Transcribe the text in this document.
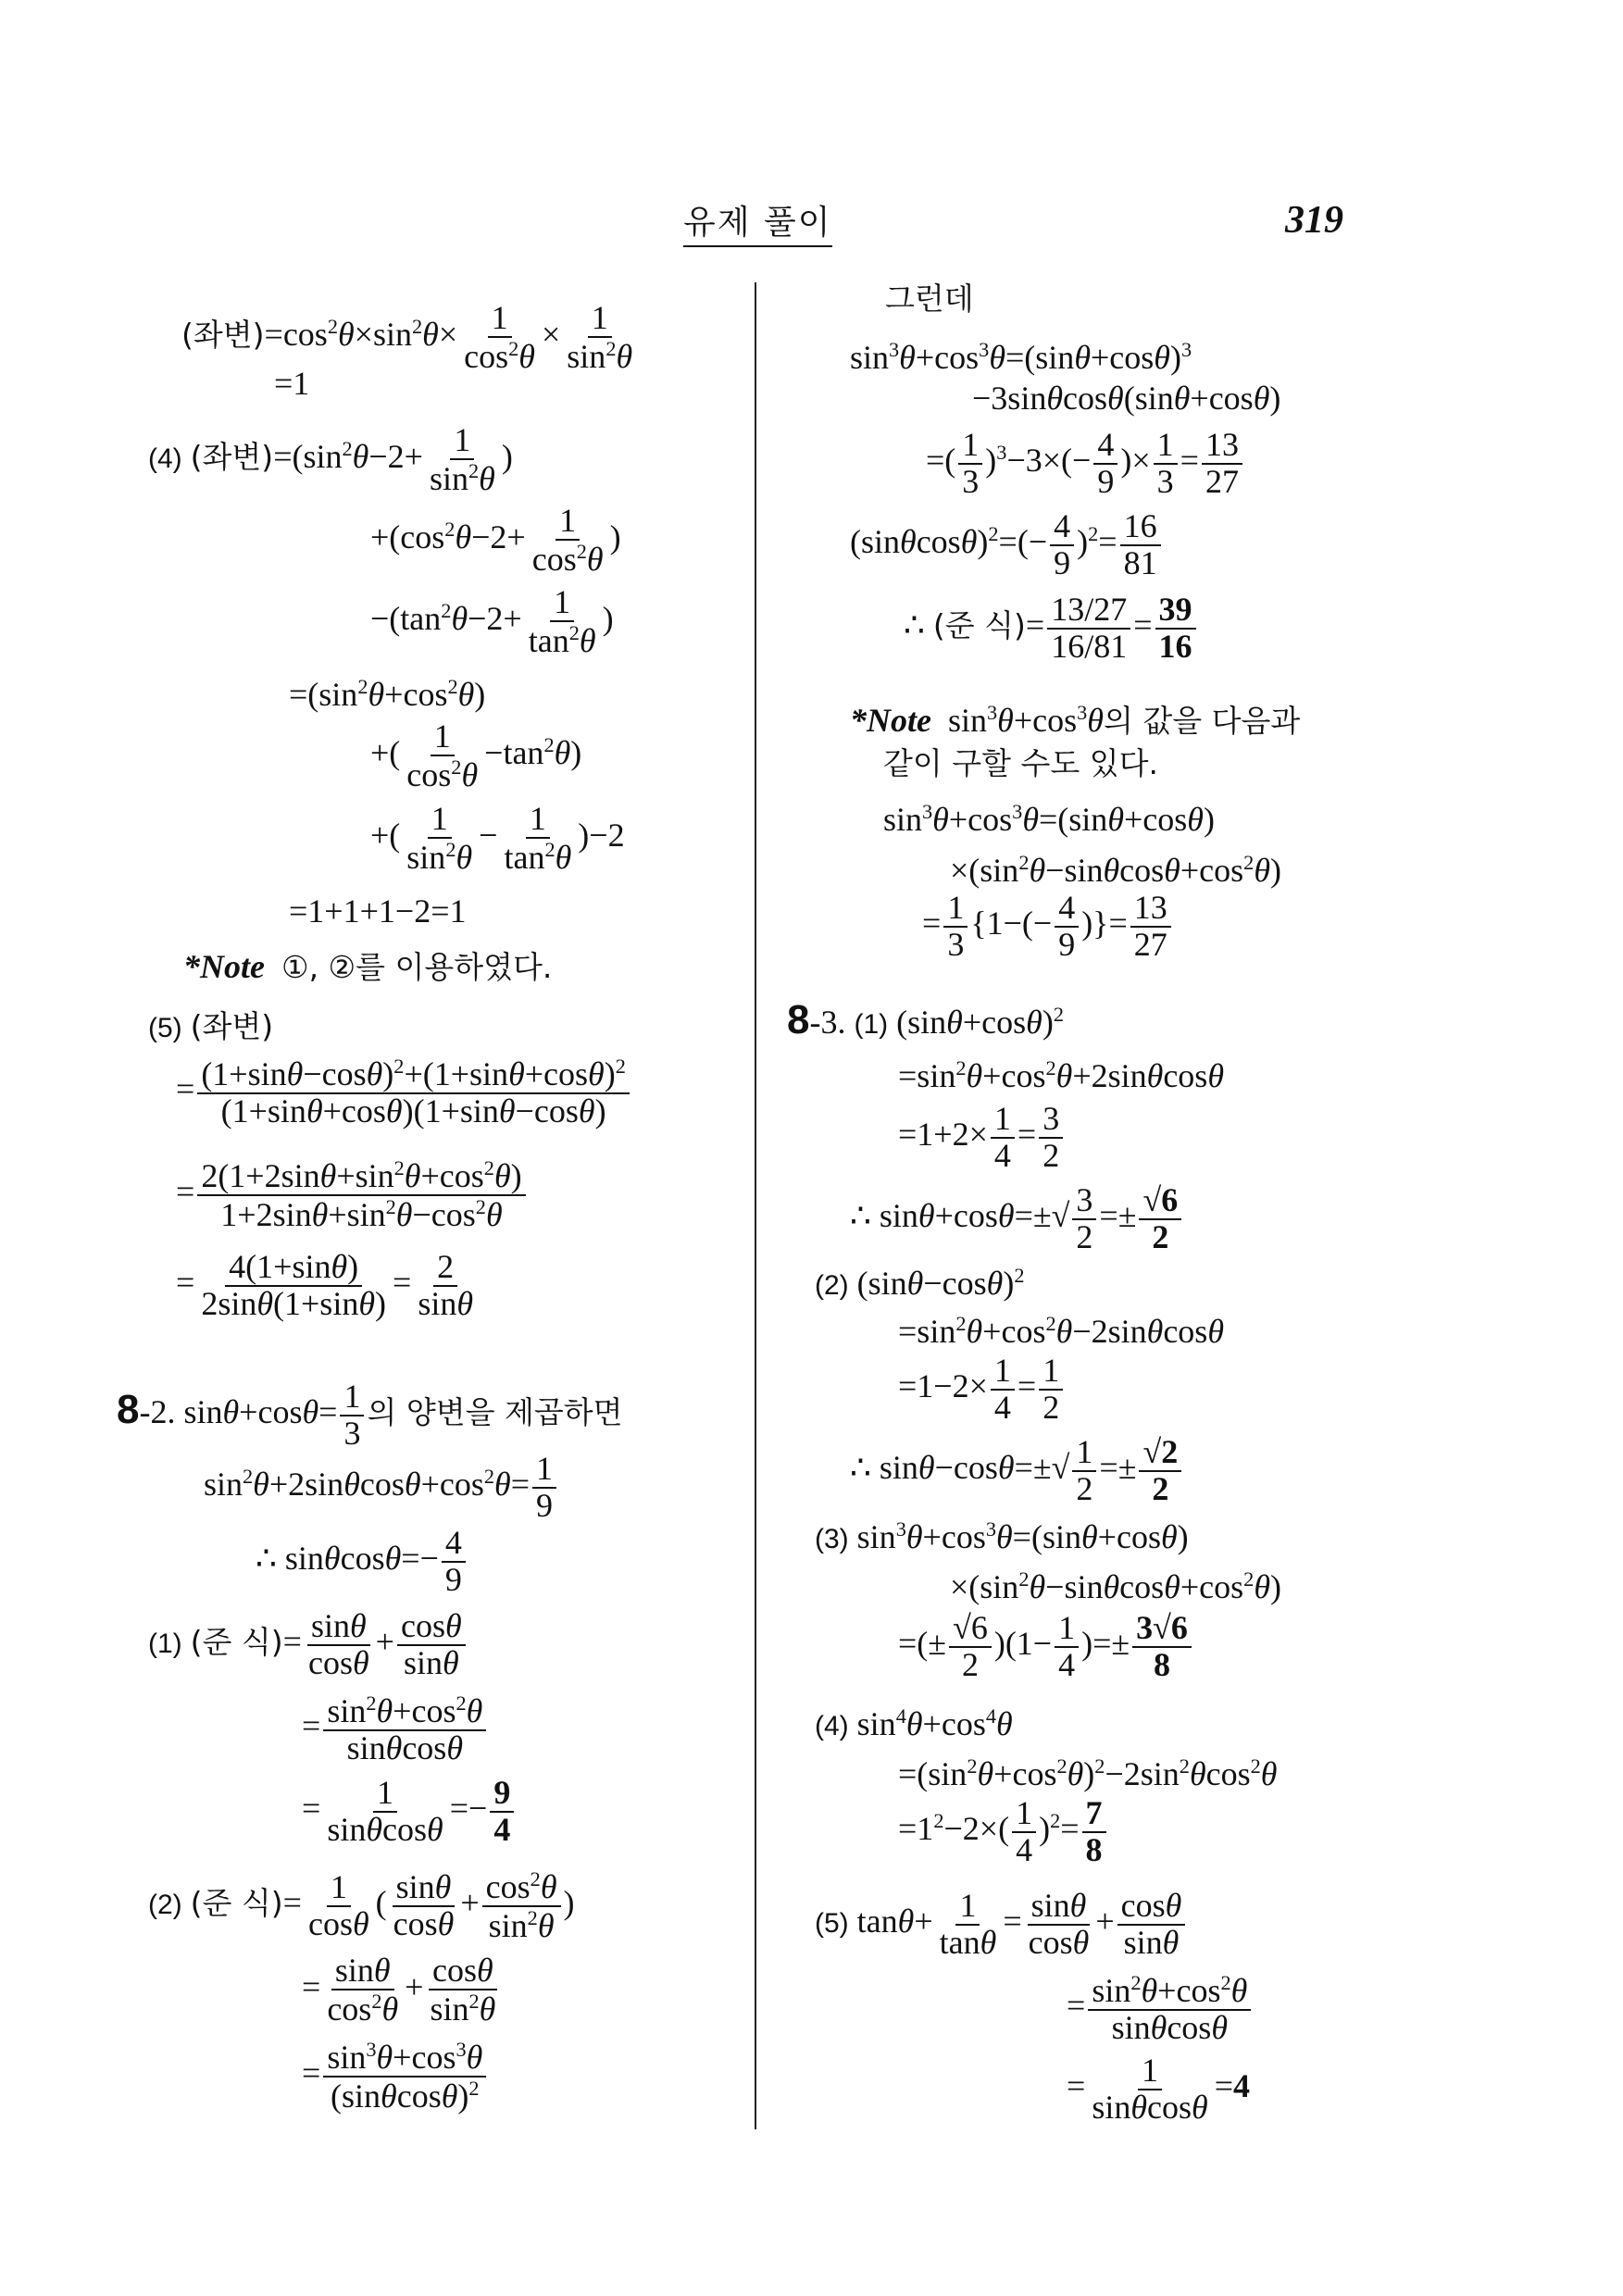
유제 풀이	319
(좌변)$=\cos^2\theta\times\sin^2\theta\times \frac{1}{\cos^2\theta} \times \frac{1}{\sin^2\theta}$
=1
(4) (좌변)$=(\sin^2\theta-2+ \frac{1}{\sin^2\theta}$ )
$+(\cos^2\theta-2+ \frac{1}{\cos^2\theta}$ )
$-(\tan^2\theta-2+ \frac{1}{\tan^2\theta}$ )
$=(\sin^2\theta+\cos^2\theta)$
+( $\frac{1}{\cos^2\theta} -\tan^2\theta$)
+( $\frac{1}{\sin^2\theta} - \frac{1}{\tan^2\theta} )-2$
=1+1+1−2=1
*Note ①, ②를 이용하였다.
(5) (좌변)
= $\frac{(1+\sin\theta-\cos\theta)^2+(1+\sin\theta+\cos\theta)^2}{(1+\sin\theta+\cos\theta)(1+\sin\theta-\cos\theta)}$
= $\frac{2(1+2\sin\theta+\sin^2\theta+\cos^2\theta)}{1+2\sin\theta+\sin^2\theta-\cos^2\theta}$
= $\frac{4(1+\sin\theta)}{2\sin\theta(1+\sin\theta)} = \frac{2}{\sin\theta}$
8-2. $\sin\theta+\cos\theta= \frac{1}{3}$ 의 양변을 제곱하면
$\sin^2\theta+2\sin\theta\cos\theta+\cos^2\theta= \frac{1}{9}$
∴ $\sin\theta\cos\theta=- \frac{4}{9}$
(1) (준 식)= $\frac{\sin\theta}{\cos\theta} + \frac{\cos\theta}{\sin\theta}$
= $\frac{\sin^2\theta+\cos^2\theta}{\sin\theta\cos\theta}$
= $\frac{1}{\sin\theta\cos\theta} =- \frac{9}{4}$
(2) (준 식)= $\frac{1}{\cos\theta}$ ( $\frac{\sin\theta}{\cos\theta} + \frac{\cos^2\theta}{\sin^2\theta}$ )
= $\frac{\sin\theta}{\cos^2\theta} + \frac{\cos\theta}{\sin^2\theta}$
= $\frac{\sin^3\theta+\cos^3\theta}{(\sin\theta\cos\theta)^2}$
그런데
$\sin^3\theta+\cos^3\theta=(\sin\theta+\cos\theta)^3$
−3sinθcosθ(sinθ+cosθ)
=( $\frac{1}{3} )^3-3\times(- \frac{4}{9}$ )× $\frac{1}{3} = \frac{13}{27}$
$(\sin\theta\cos\theta)^2=(- \frac{4}{9} )^2= \frac{16}{81}$
∴ (준 식)= $\frac{13/27}{16/81} = \frac{39}{16}$
*Note  $\sin^3\theta+\cos^3\theta$의 값을 다음과
같이 구할 수도 있다.
$\sin^3\theta+\cos^3\theta=(\sin\theta+\cos\theta)$
$\times(\sin^2\theta-\sin\theta\cos\theta+\cos^2\theta)$
= $\frac{1}{3} \{1-(- \frac{4}{9}$ )}= $\frac{13}{27}$
8-3. (1) $(\sin\theta+\cos\theta)^2$
$=\sin^2\theta+\cos^2\theta+2\sin\theta\cos\theta$
$=1+2\times \frac{1}{4} = \frac{3}{2}$
∴ $\sin\theta+\cos\theta=\pm√ \frac{3}{2} =\pm \frac{√6}{2}$
(2) $(\sin\theta-\cos\theta)^2$
$=\sin^2\theta+\cos^2\theta-2\sin\theta\cos\theta$
$=1-2\times \frac{1}{4} = \frac{1}{2}$
∴ $\sin\theta-\cos\theta=\pm√ \frac{1}{2} =\pm \frac{√2}{2}$
(3) $\sin^3\theta+\cos^3\theta=(\sin\theta+\cos\theta)$
$\times(\sin^2\theta-\sin\theta\cos\theta+\cos^2\theta)$
=(± $\frac{√6}{2} )(1- \frac{1}{4}$ )=± $\frac{3√6}{8}$
(4) $\sin^4\theta+\cos^4\theta$
$=(\sin^2\theta+\cos^2\theta)^2-2\sin^2\theta\cos^2\theta$
$=1^2-2\times( \frac{1}{4} )^2= \frac{7}{8}$
(5) $\tan\theta+ \frac{1}{\tan\theta} = \frac{\sin\theta}{\cos\theta} + \frac{\cos\theta}{\sin\theta}$
= $\frac{\sin^2\theta+\cos^2\theta}{\sin\theta\cos\theta}$
= $\frac{1}{\sin\theta\cos\theta} =4$
